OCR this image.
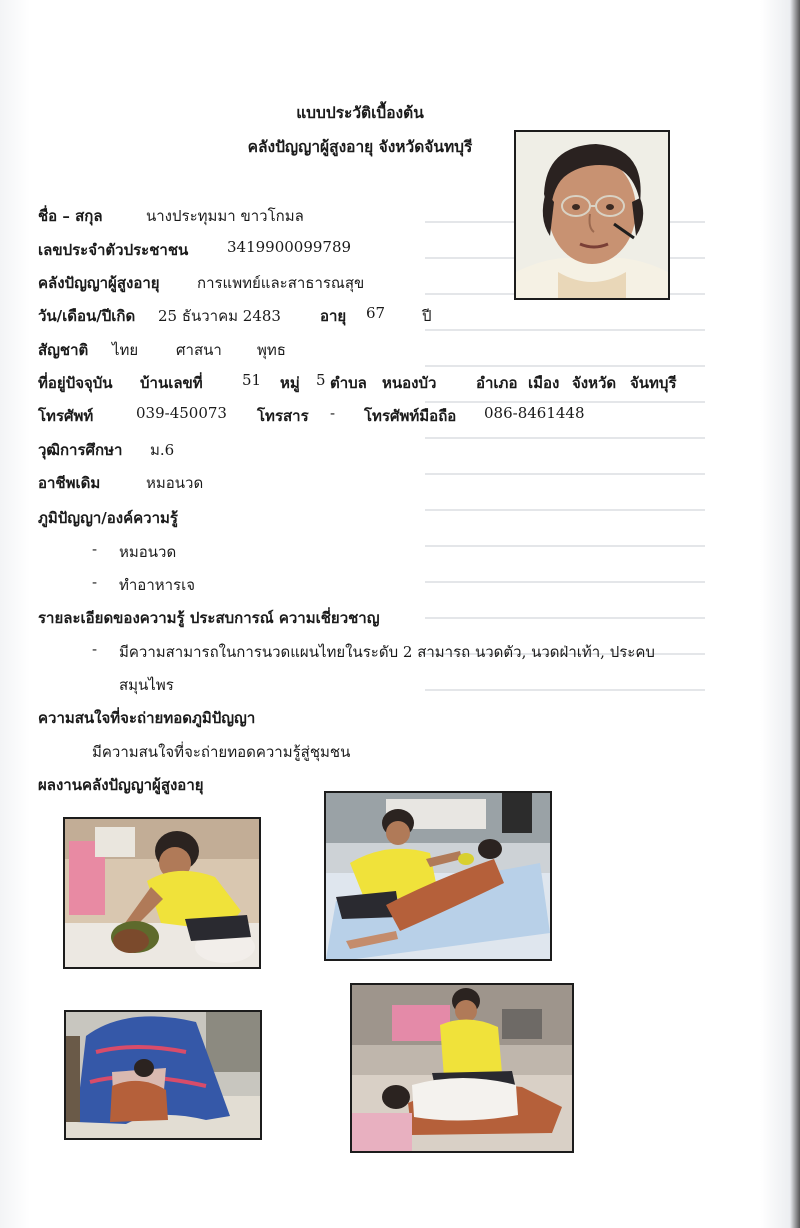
แบบประวัติเบื้องต้น
คลังปัญญาผู้สูงอายุ จังหวัดจันทบุรี
ชื่อ – สกุล	นางประทุมมา ขาวโกมล
เลขประจำตัวประชาชน	3419900099789
คลังปัญญาผู้สูงอายุ การแพทย์และสาธารณสุข
วัน/เดือน/ปีเกิด 25 ธันวาคม 2483	อายุ 67 ปี
สัญชาติ ไทย	ศาสนา พุทธ
ที่อยู่ปัจจุบัน บ้านเลขที่	51 หมู่ 5 ตำบล หนองบัว	อำเภอ เมือง จังหวัด จันทบุรี
โทรศัพท์	039-450073 โทรสาร - โทรศัพท์มือถือ 086-8461448
วุฒิการศึกษา ม.6
อาชีพเดิม	หมอนวด
ภูมิปัญญา/องค์ความรู้
- หมอนวด
- ทำอาหารเจ
รายละเอียดของความรู้ ประสบการณ์ ความเชี่ยวชาญ
- มีความสามารถในการนวดแผนไทยในระดับ 2 สามารถ นวดตัว, นวดฝ่าเท้า, ประคบ
สมุนไพร
ความสนใจที่จะถ่ายทอดภูมิปัญญา
มีความสนใจที่จะถ่ายทอดความรู้สู่ชุมชน
ผลงานคลังปัญญาผู้สูงอายุ
